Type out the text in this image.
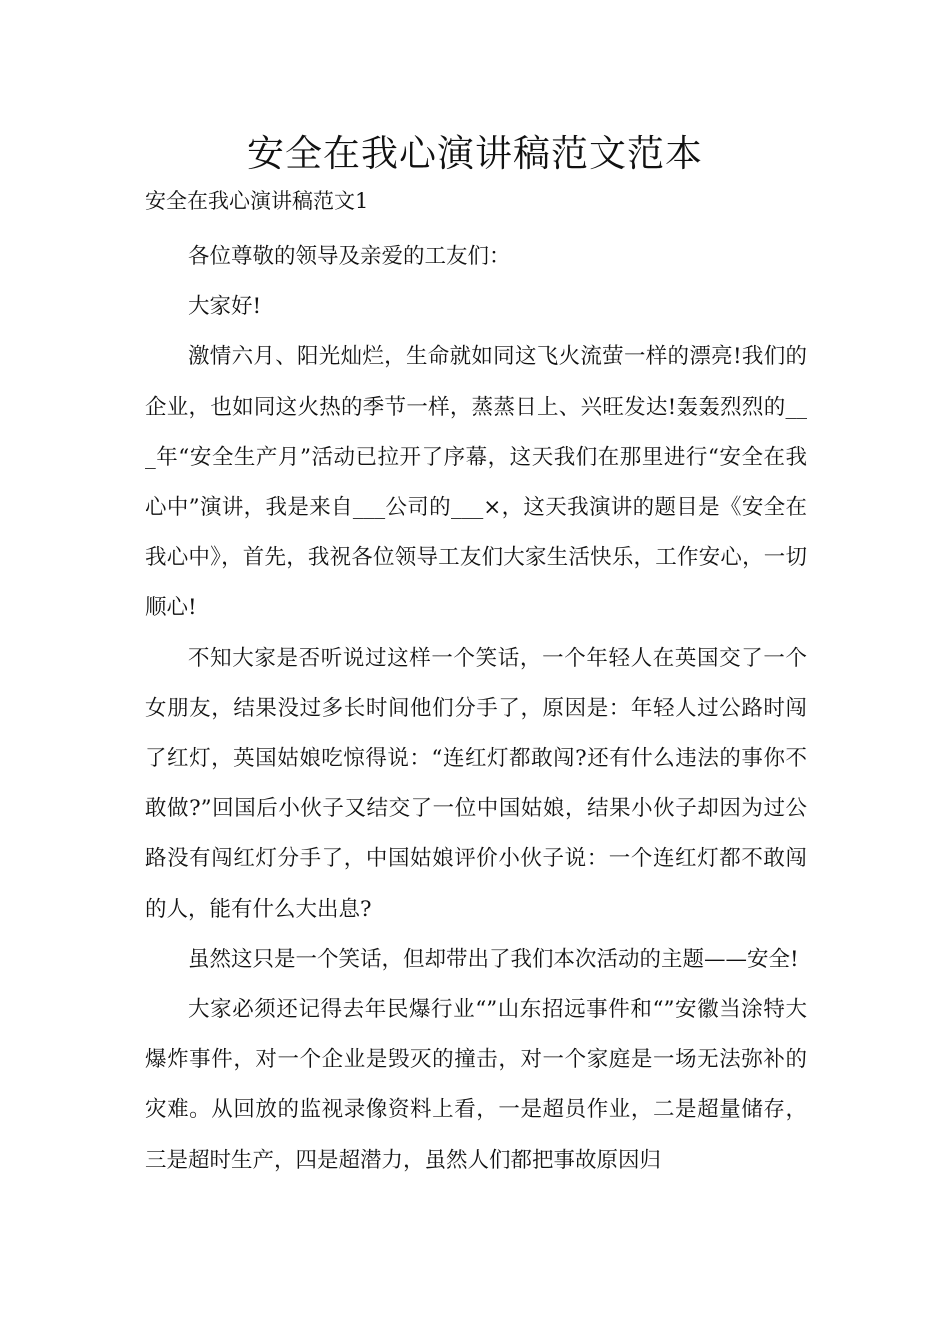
安全在我心演讲稿范文范本

安全在我心演讲稿范文1

各位尊敬的领导及亲爱的工友们：

大家好!

激情六月、阳光灿烂，生命就如同这飞火流萤一样的漂亮!我们的企业，也如同这火热的季节一样，蒸蒸日上、兴旺发达!轰轰烈烈的___年“安全生产月”活动已拉开了序幕，这天我们在那里进行“安全在我心中”演讲，我是来自___公司的___×，这天我演讲的题目是《安全在我心中》，首先，我祝各位领导工友们大家生活快乐，工作安心，一切顺心!

不知大家是否听说过这样一个笑话，一个年轻人在英国交了一个女朋友，结果没过多长时间他们分手了，原因是：年轻人过公路时闯了红灯，英国姑娘吃惊得说：“连红灯都敢闯?还有什么违法的事你不敢做?”回国后小伙子又结交了一位中国姑娘，结果小伙子却因为过公路没有闯红灯分手了，中国姑娘评价小伙子说：一个连红灯都不敢闯的人，能有什么大出息?

虽然这只是一个笑话，但却带出了我们本次活动的主题——安全!

大家必须还记得去年民爆行业“”山东招远事件和“”安徽当涂特大爆炸事件，对一个企业是毁灭的撞击，对一个家庭是一场无法弥补的灾难。从回放的监视录像资料上看，一是超员作业，二是超量储存，三是超时生产，四是超潜力，虽然人们都把事故原因归
